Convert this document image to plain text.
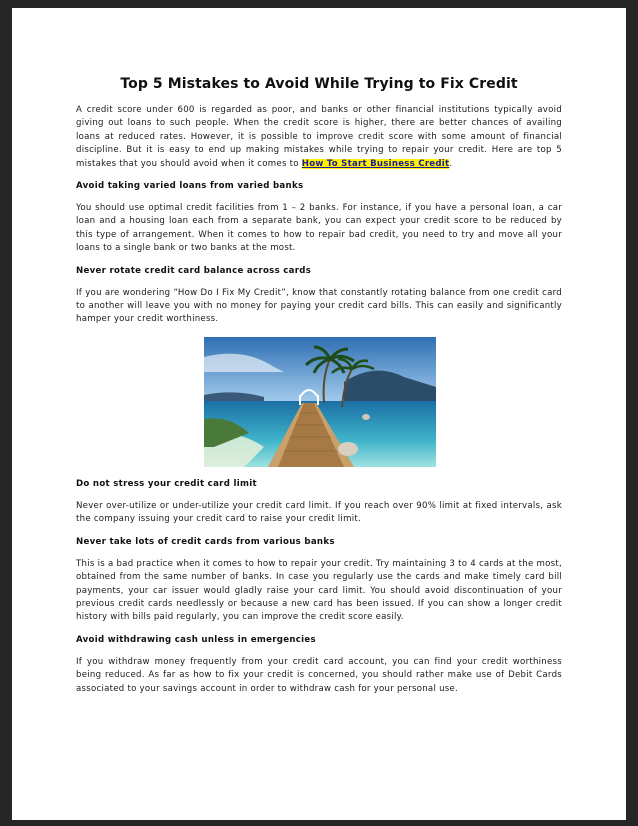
Top 5 Mistakes to Avoid While Trying to Fix Credit

A credit score under 600 is regarded as poor, and banks or other financial institutions typically avoid giving out loans to such people. When the credit score is higher, there are better chances of availing loans at reduced rates. However, it is possible to improve credit score with some amount of financial discipline. But it is easy to end up making mistakes while trying to repair your credit. Here are top 5 mistakes that you should avoid when it comes to How To Start Business Credit.

Avoid taking varied loans from varied banks

You should use optimal credit facilities from 1 – 2 banks. For instance, if you have a personal loan, a car loan and a housing loan each from a separate bank, you can expect your credit score to be reduced by this type of arrangement. When it comes to how to repair bad credit, you need to try and move all your loans to a single bank or two banks at the most.

Never rotate credit card balance across cards

If you are wondering “How Do I Fix My Credit”, know that constantly rotating balance from one credit card to another will leave you with no money for paying your credit card bills. This can easily and significantly hamper your credit worthiness.

Do not stress your credit card limit

Never over-utilize or under-utilize your credit card limit. If you reach over 90% limit at fixed intervals, ask the company issuing your credit card to raise your credit limit.

Never take lots of credit cards from various banks

This is a bad practice when it comes to how to repair your credit. Try maintaining 3 to 4 cards at the most, obtained from the same number of banks. In case you regularly use the cards and make timely card bill payments, your car issuer would gladly raise your card limit. You should avoid discontinuation of your previous credit cards needlessly or because a new card has been issued. If you can show a longer credit history with bills paid regularly, you can improve the credit score easily.

Avoid withdrawing cash unless in emergencies

If you withdraw money frequently from your credit card account, you can find your credit worthiness being reduced. As far as how to fix your credit is concerned, you should rather make use of Debit Cards associated to your savings account in order to withdraw cash for your personal use.
